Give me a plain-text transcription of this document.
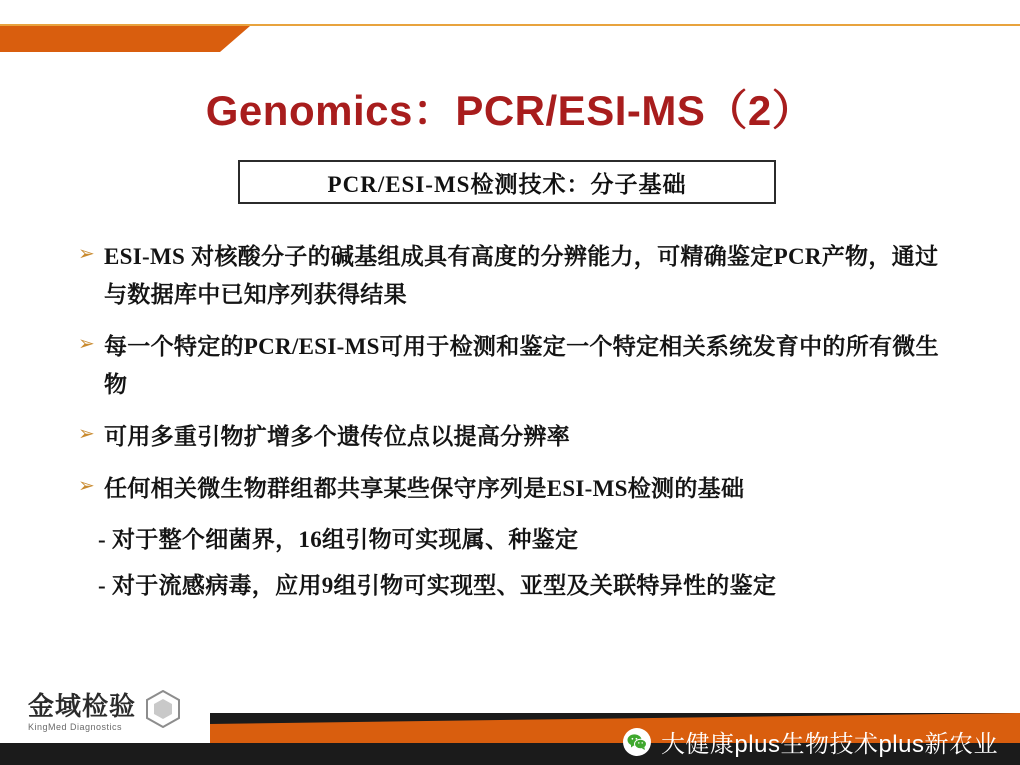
Genomics：PCR/ESI-MS（2）
PCR/ESI-MS检测技术：分子基础
➢ ESI-MS 对核酸分子的碱基组成具有高度的分辨能力，可精确鉴定PCR产物，通过与数据库中已知序列获得结果
➢ 每一个特定的PCR/ESI-MS可用于检测和鉴定一个特定相关系统发育中的所有微生物
➢ 可用多重引物扩增多个遗传位点以提高分辨率
➢ 任何相关微生物群组都共享某些保守序列是ESI-MS检测的基础
- 对于整个细菌界，16组引物可实现属、种鉴定
- 对于流感病毒，应用9组引物可实现型、亚型及关联特异性的鉴定
金域检验
KingMed Diagnostics
大健康plus生物技术plus新农业
